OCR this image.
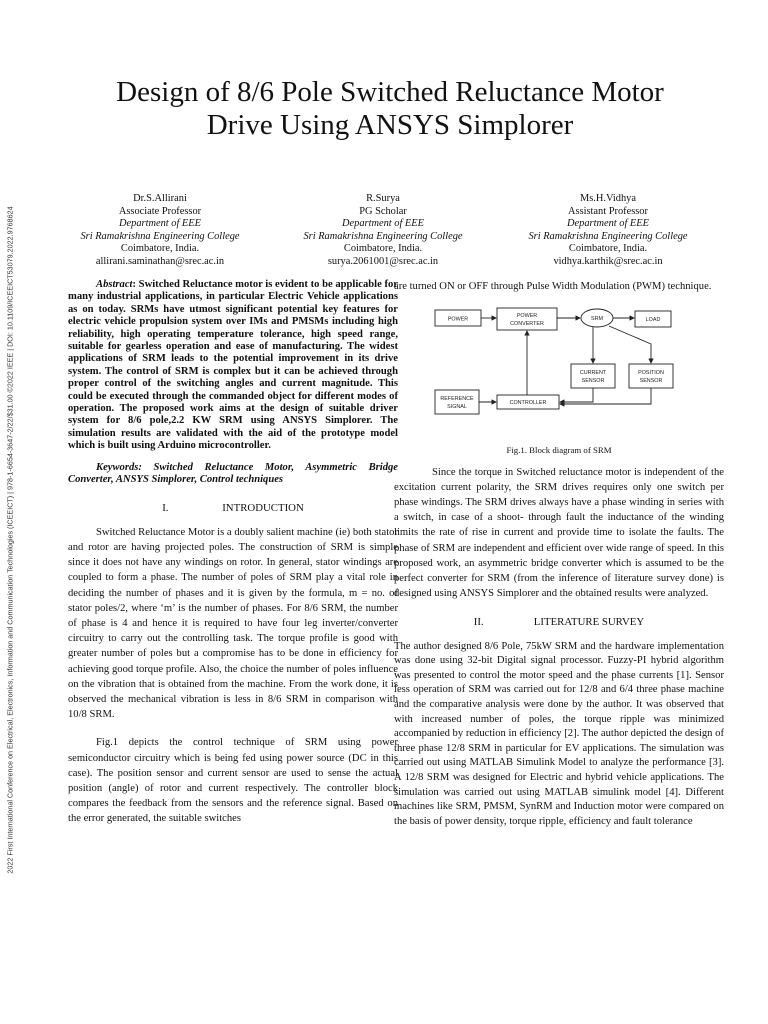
2022 First International Conference on Electrical, Electronics, Information and Communication Technologies (ICEEICT) | 978-1-6654-3647-2/22/$31.00 ©2022 IEEE | DOI: 10.1109/ICEEICT53079.2022.9768624
Design of 8/6 Pole Switched Reluctance Motor
Drive Using ANSYS Simplorer
Dr.S.Allirani
Associate Professor
Department of EEE
Sri Ramakrishna Engineering College
Coimbatore, India.
allirani.saminathan@srec.ac.in
R.Surya
PG Scholar
Department of EEE
Sri Ramakrishna Engineering College
Coimbatore, India.
surya.2061001@srec.ac.in
Ms.H.Vidhya
Assistant Professor
Department of EEE
Sri Ramakrishna Engineering College
Coimbatore, India.
vidhya.karthik@srec.ac.in

Abstract: Switched Reluctance motor is evident to be applicable for many industrial applications, in particular Electric Vehicle applications as on today. SRMs have utmost significant potential key features for electric vehicle propulsion system over IMs and PMSMs including high reliability, high operating temperature tolerance, high speed range, suitable for gearless operation and ease of manufacturing. The widest applications of SRM leads to the potential improvement in its drive system. The control of SRM is complex but it can be achieved through proper control of the switching angles and current magnitude. This could be executed through the commanded object for different modes of operation. The proposed work aims at the design of suitable driver system for 8/6 pole,2.2 KW SRM using ANSYS Simplorer. The simulation results are validated with the aid of the prototype model which is built using Arduino microcontroller.

Keywords: Switched Reluctance Motor, Asymmetric Bridge Converter, ANSYS Simplorer, Control techniques

I.	INTRODUCTION

Switched Reluctance Motor is a doubly salient machine (ie) both stator and rotor are having projected poles. The construction of SRM is simple since it does not have any windings on rotor. In general, stator windings are coupled to form a phase. The number of poles of SRM play a vital role in deciding the number of phases and it is given by the formula, m = no. of stator poles/2, where ‘m’ is the number of phases. For 8/6 SRM, the number of phase is 4 and hence it is required to have four leg inverter/converter circuitry to carry out the controlling task. The torque profile is good with greater number of poles but a compromise has to be done in efficiency for achieving good torque profile. Also, the choice the number of poles influence on the vibration that is obtained from the machine. From the work done, it is observed the mechanical vibration is less in 8/6 SRM in comparison with 10/8 SRM.

Fig.1 depicts the control technique of SRM using power semiconductor circuitry which is being fed using power source (DC in this case). The position sensor and current sensor are used to sense the actual position (angle) of rotor and current respectively. The controller block compares the feedback from the sensors and the reference signal. Based on the error generated, the suitable switches

are turned ON or OFF through Pulse Width Modulation (PWM) technique.

POWER
POWER
CONVERTER
SRM	LOAD
CURRENT
SENSOR
POSITION
SENSOR
REFERENCE
SIGNAL
CONTROLLER

Fig.1. Block diagram of SRM

Since the torque in Switched reluctance motor is independent of the excitation current polarity, the SRM drives requires only one switch per phase windings. The SRM drives always have a phase winding in series with a switch, in case of a shoot- through fault the inductance of the winding limits the rate of rise in current and provide time to isolate the faults. The phase of SRM are independent and efficient over wide range of speed. In this proposed work, an asymmetric bridge converter which is assumed to be the perfect converter for SRM (from the inference of literature survey done) is designed using ANSYS Simplorer and the obtained results were analyzed.

II.	LITERATURE SURVEY

The author designed 8/6 Pole, 75kW SRM and the hardware implementation was done using 32-bit Digital signal processor. Fuzzy-PI hybrid algorithm was presented to control the motor speed and the phase currents [1]. Sensor less operation of SRM was carried out for 12/8 and 6/4 three phase machine and the comparative analysis were done by the author. It was observed that with increased number of poles, the torque ripple was minimized accompanied by reduction in efficiency [2]. The author depicted the design of three phase 12/8 SRM in particular for EV applications. The simulation was carried out using MATLAB Simulink Model to analyze the performance [3]. A 12/8 SRM was designed for Electric and hybrid vehicle applications. The simulation was carried out using MATLAB simulink model [4]. Different machines like SRM, PMSM, SynRM and Induction motor were compared on the basis of power density, torque ripple, efficiency and fault tolerance
